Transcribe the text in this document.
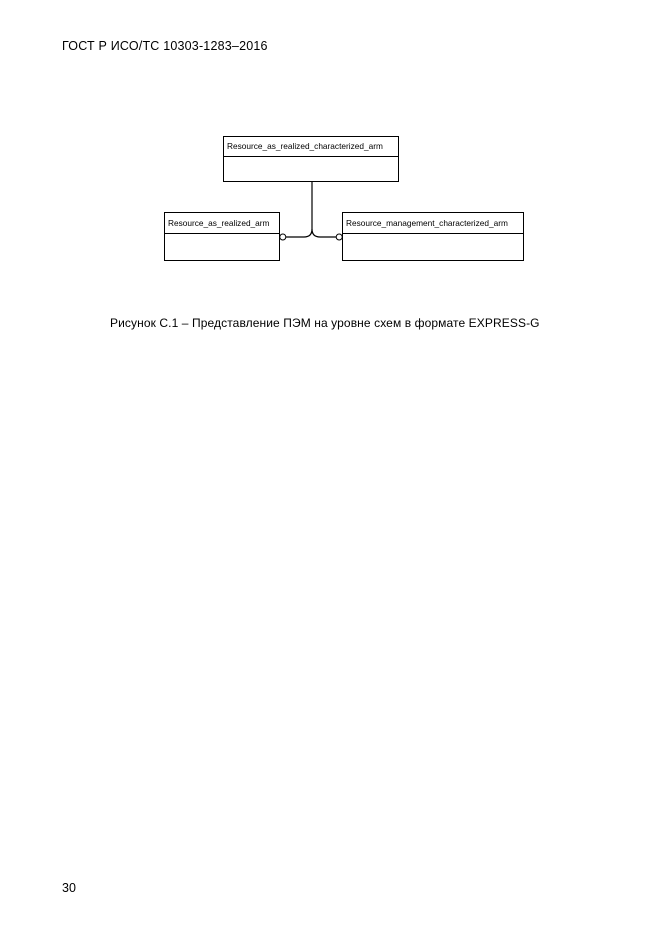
ГОСТ Р ИСО/ТС 10303-1283–2016
Resource_as_realized_characterized_arm
Resource_as_realized_arm	Resource_management_characterized_arm
Рисунок С.1 – Представление ПЭМ на уровне схем в формате EXPRESS-G
30
